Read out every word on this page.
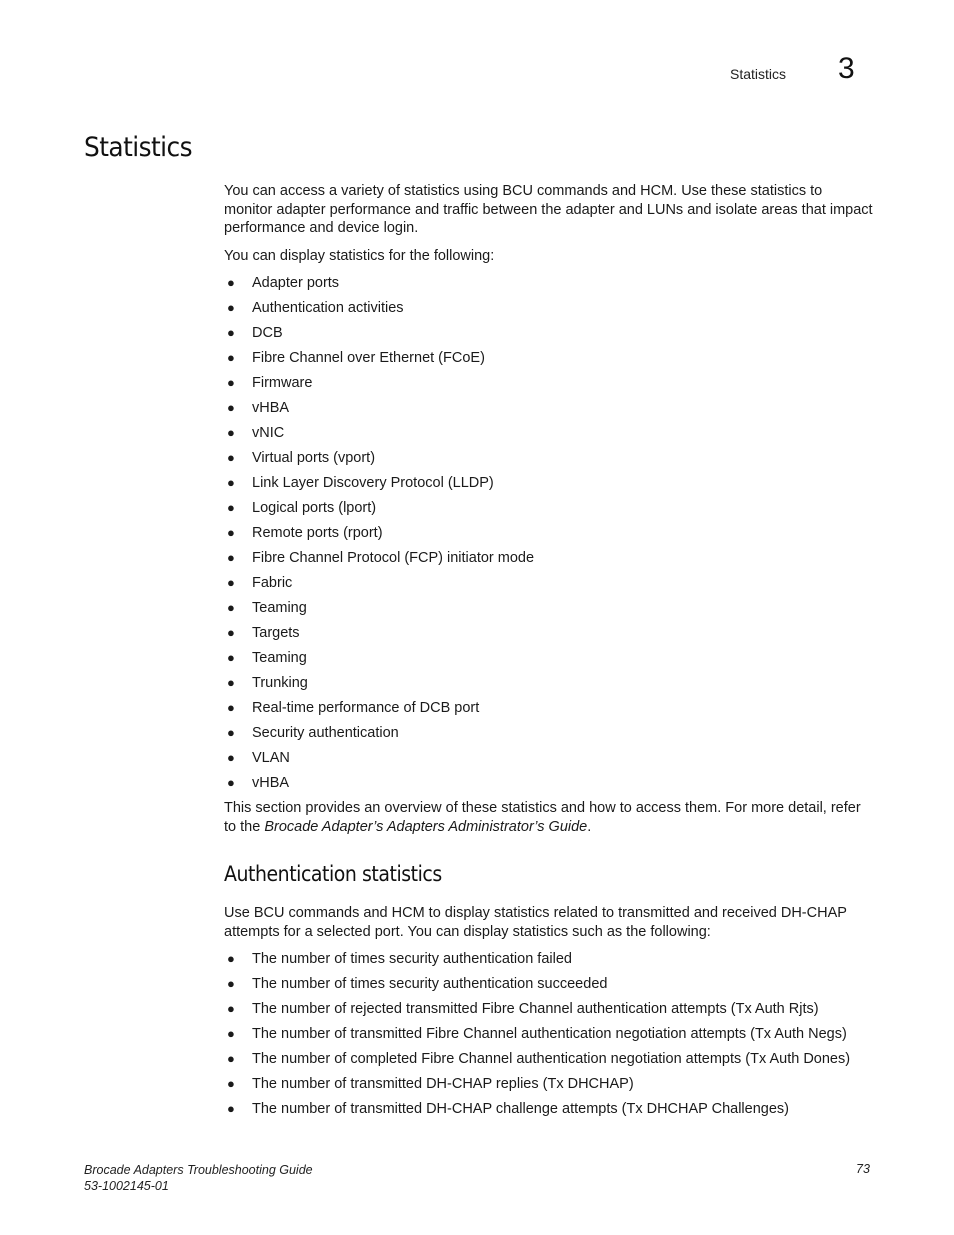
Statistics 3
Statistics

You can access a variety of statistics using BCU commands and HCM. Use these statistics to monitor adapter performance and traffic between the adapter and LUNs and isolate areas that impact performance and device login.

You can display statistics for the following:

● Adapter ports
● Authentication activities
● DCB
● Fibre Channel over Ethernet (FCoE)
● Firmware
● vHBA
● vNIC
● Virtual ports (vport)
● Link Layer Discovery Protocol (LLDP)
● Logical ports (lport)
● Remote ports (rport)
● Fibre Channel Protocol (FCP) initiator mode
● Fabric
● Teaming
● Targets
● Teaming
● Trunking
● Real-time performance of DCB port
● Security authentication
● VLAN
● vHBA

This section provides an overview of these statistics and how to access them. For more detail, refer to the Brocade Adapter’s Adapters Administrator’s Guide.

Authentication statistics

Use BCU commands and HCM to display statistics related to transmitted and received DH-CHAP attempts for a selected port. You can display statistics such as the following:

● The number of times security authentication failed
● The number of times security authentication succeeded
● The number of rejected transmitted Fibre Channel authentication attempts (Tx Auth Rjts)
● The number of transmitted Fibre Channel authentication negotiation attempts (Tx Auth Negs)
● The number of completed Fibre Channel authentication negotiation attempts (Tx Auth Dones)
● The number of transmitted DH-CHAP replies (Tx DHCHAP)
● The number of transmitted DH-CHAP challenge attempts (Tx DHCHAP Challenges)
Brocade Adapters Troubleshooting Guide
53-1002145-01
73
